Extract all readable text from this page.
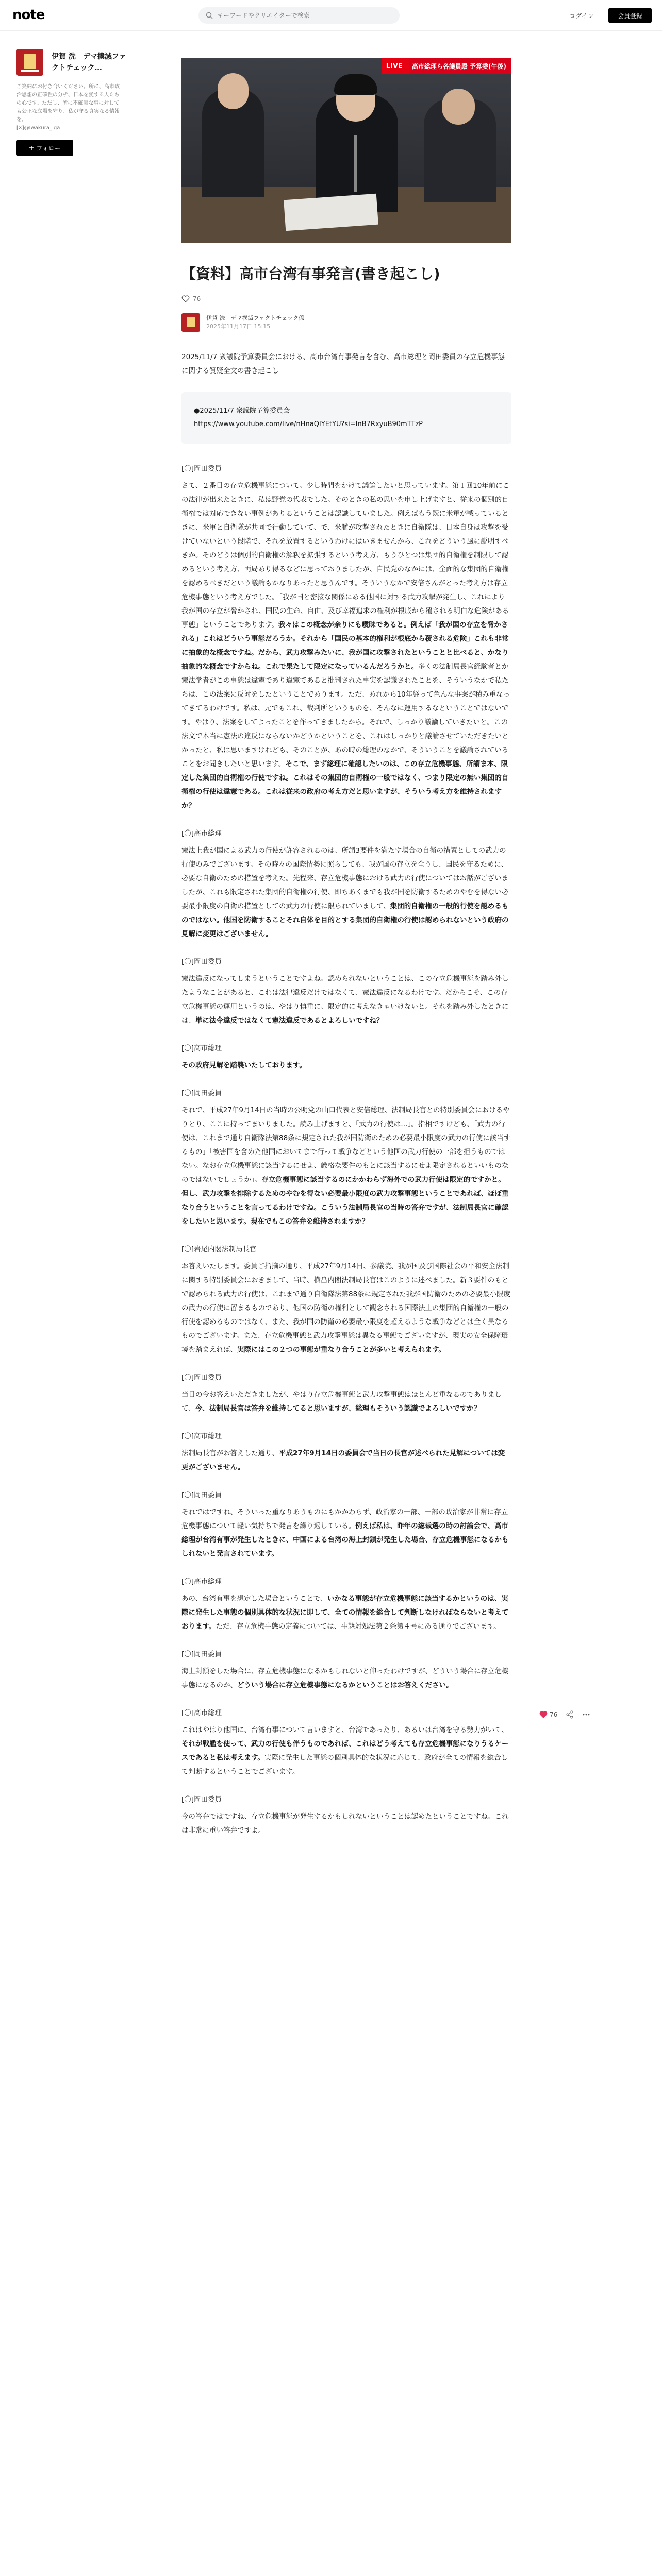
note
キーワードやクリエイターで検索	ログイン	会員登録
伊賀 洗　デマ撲滅ファクトチェック…
ご笑納にお付き合いください。所に、高市政治思想の正確性の分析、日本を愛する人たちの心です。ただし、所に不確実な事に対しても公正な立場を守り、私が守る真実なる情報を。
[X]@Iwakura_Iga
フォロー
LIVE	高市総理ら各議員殿 予算委(午後)
【資料】高市台湾有事発言(書き起こし)
76
伊賀 洗　デマ撲滅ファクトチェック係
2025年11月17日 15:15

2025/11/7 衆議院予算委員会における、高市台湾有事発言を含む、高市総理と岡田委員の存立危機事態に関する質疑全文の書き起こし

●2025/11/7 衆議院予算委員会
https://www.youtube.com/live/nHnaQIYEtYU?si=InB7RxyuB90mTTzP
[〇]岡田委員
さて、２番目の存立危機事態について。少し時間をかけて議論したいと思っています。第１回10年前にこの法律が出来たときに、私は野党の代表でした。そのときの私の思いを申し上げますと、従来の個別的自衛権では対応できない事例がありるということは認識していました。例えばもう既に米軍が戦っているときに、米軍と自衛隊が共同で行動していて、で、米艦が攻撃されたときに自衛隊は、日本自身は攻撃を受けていないという段階で、それを放置するというわけにはいきませんから、これをどういう風に説明すべきか。そのどうは個別的自衛権の解釈を拡張するという考え方、もうひとつは集団的自衛権を制限して認めるという考え方、両局あり得るなどに思っておりましたが、自民党のなかには、全面的な集団的自衛権を認めるべきだという議論もかなりあったと思うんです。そういうなかで安倍さんがとった考え方は存立危機事態という考え方でした。「我が国と密接な関係にある他国に対する武力攻撃が発生し、これにより我が国の存立が脅かされ、国民の生命、自由、及び幸福追求の権利が根底から覆される明白な危険がある事態」ということであります。我々はこの概念が余りにも曖昧であると。例えば「我が国の存立を脅かされる」これはどういう事態だろうか。それから「国民の基本的権利が根底から覆される危険」これも非常に抽象的な概念ですね。だから、武力攻撃みたいに、我が国に攻撃されたということと比べると、かなり抽象的な概念ですからね。これで果たして限定になっているんだろうかと。多くの法制局長官経験者とか憲法学者がこの事態は違憲であり違憲であると批判された事実を認識されたことを、そういうなかで私たちは、この法案に反対をしたということであります。ただ、あれから10年経って色んな事案が積み重なってきてるわけです。私は、元でもこれ、裁判所というものを、そんなに運用するなということではないです。やはり、法案をしてよったことを作ってきましたから。それで、しっかり議論していきたいと。この法文で本当に憲法の違反にならないかどうかということを、これはしっかりと議論させていただきたいとかったと、私は思いますけれども、そのことが、あの時の総理のなかで、そういうことを議論されていることをお聞きしたいと思います。そこで、まず総理に確認したいのは、この存立危機事態、所謂ま本、限定した集団的自衛権の行使ですね。これはその集団的自衛権の一般ではなく、つまり限定の無い集団的自衛権の行使は違憲である。これは従来の政府の考え方だと思いますが、そういう考え方を維持されますか？
[〇]高市総理
憲法上我が国による武力の行使が許容されるのは、所謂3要件を満たす場合の自衛の措置としての武力の行使のみでございます。その時々の国際情勢に照らしても、我が国の存立を全うし、国民を守るために、必要な自衛のための措置を考えた。先程来、存立危機事態における武力の行使についてはお話がございましたが、これも限定された集団的自衛権の行使、即ちあくまでも我が国を防衛するためのやむを得ない必要最小限度の自衛の措置としての武力の行使に限られていまして、集団的自衛権の一般的行使を認めるものではない。他国を防衛することそれ自体を目的とする集団的自衛権の行使は認められないという政府の見解に変更はございません。
[〇]岡田委員
憲法違反になってしまうということですよね。認められないということは、この存立危機事態を踏み外したようなことがあると、これは法律違反だけではなくて、憲法違反になるわけです。だからこそ、この存立危機事態の運用というのは、やはり慎重に、限定的に考えなきゃいけないと。それを踏み外したときには、単に法令違反ではなくて憲法違反であるとよろしいですね？
[〇]高市総理
その政府見解を踏襲いたしております。
[〇]岡田委員
それで、平成27年9月14日の当時の公明党の山口代表と安倍総理、法制局長官との特別委員会におけるやりとり、ここに持ってまいりました。読み上げますと、「武力の行使は…」。指相ですけども、「武力の行使は、これまで通り自衛隊法第88条に規定された我が国防衛のための必要最小限度の武力の行使に該当するもの」「被害国を含めた他国においてまで行って戦争などという他国の武力行使の一部を担うものではない。なお存立危機事態に該当するにせよ、厳格な要件のもとに該当するにせよ限定されるといいものなのではないでしょうか」。存立危機事態に該当するのにかかわらず海外での武力行使は限定的ですかと。但し、武力攻撃を排除するためのやむを得ない必要最小限度の武力攻撃事態ということであれば、ほぼ重なり合うということを言ってるわけですね。こういう法制局長官の当時の答弁ですが、法制局長官に確認をしたいと思います。現在でもこの答弁を維持されますか？
[〇]岩尾内閣法制局長官
お答えいたします。委員ご指摘の通り、平成27年9月14日、参議院、我が国及び国際社会の平和安全法制に関する特別委員会におきまして、当時、横畠内閣法制局長官はこのように述べました。新３要件のもとで認められる武力の行使は、これまで通り自衛隊法第88条に規定された我が国防衛のための必要最小限度の武力の行使に留まるものであり、他国の防衛の権利として観念される国際法上の集団的自衛権の一般の行使を認めるものではなく、また、我が国の防衛の必要最小限度を超えるような戦争などとは全く異なるものでございます。また、存立危機事態と武力攻撃事態は異なる事態でございますが、現実の安全保障環境を踏まえれば、実際にはこの２つの事態が重なり合うことが多いと考えられます。
[〇]岡田委員
当日の今お答えいただきましたが、やはり存立危機事態と武力攻撃事態はほとんど重なるのでありまして、今、法制局長官は答弁を維持してると思いますが、総理もそういう認識でよろしいですか？
[〇]高市総理
法制局長官がお答えした通り、平成27年9月14日の委員会で当日の長官が述べられた見解については変更がございません。
[〇]岡田委員
それではですね、そういった重なりあうものにもかかわらず、政治家の一部、一部の政治家が非常に存立危機事態について軽い気持ちで発言を繰り返している。例えば私は、昨年の総裁選の時の討論会で、高市総理が台湾有事が発生したときに、中国による台湾の海上封鎖が発生した場合、存立危機事態になるかもしれないと発言されています。
[〇]高市総理
あの、台湾有事を想定した場合ということで、いかなる事態が存立危機事態に該当するかというのは、実際に発生した事態の個別具体的な状況に即して、全ての情報を総合して判断しなければならないと考えております。ただ、存立危機事態の定義については、事態対処法第２条第４号にある通りでございます。
[〇]岡田委員
海上封鎖をした場合に、存立危機事態になるかもしれないと仰ったわけですが、どういう場合に存立危機事態になるのか、どういう場合に存立危機事態になるかということはお答えください。
[〇]高市総理
これはやはり他国に、台湾有事について言いますと、台湾であったり、あるいは台湾を守る勢力がいて、それが戦艦を使って、武力の行使も伴うものであれば、これはどう考えても存立危機事態になりうるケースであると私は考えます。実際に発生した事態の個別具体的な状況に応じて、政府が全ての情報を総合して判断するということでございます。
[〇]岡田委員
今の答弁ではですね、存立危機事態が発生するかもしれないということは認めたということですね。これは非常に重い答弁ですよ。
76
